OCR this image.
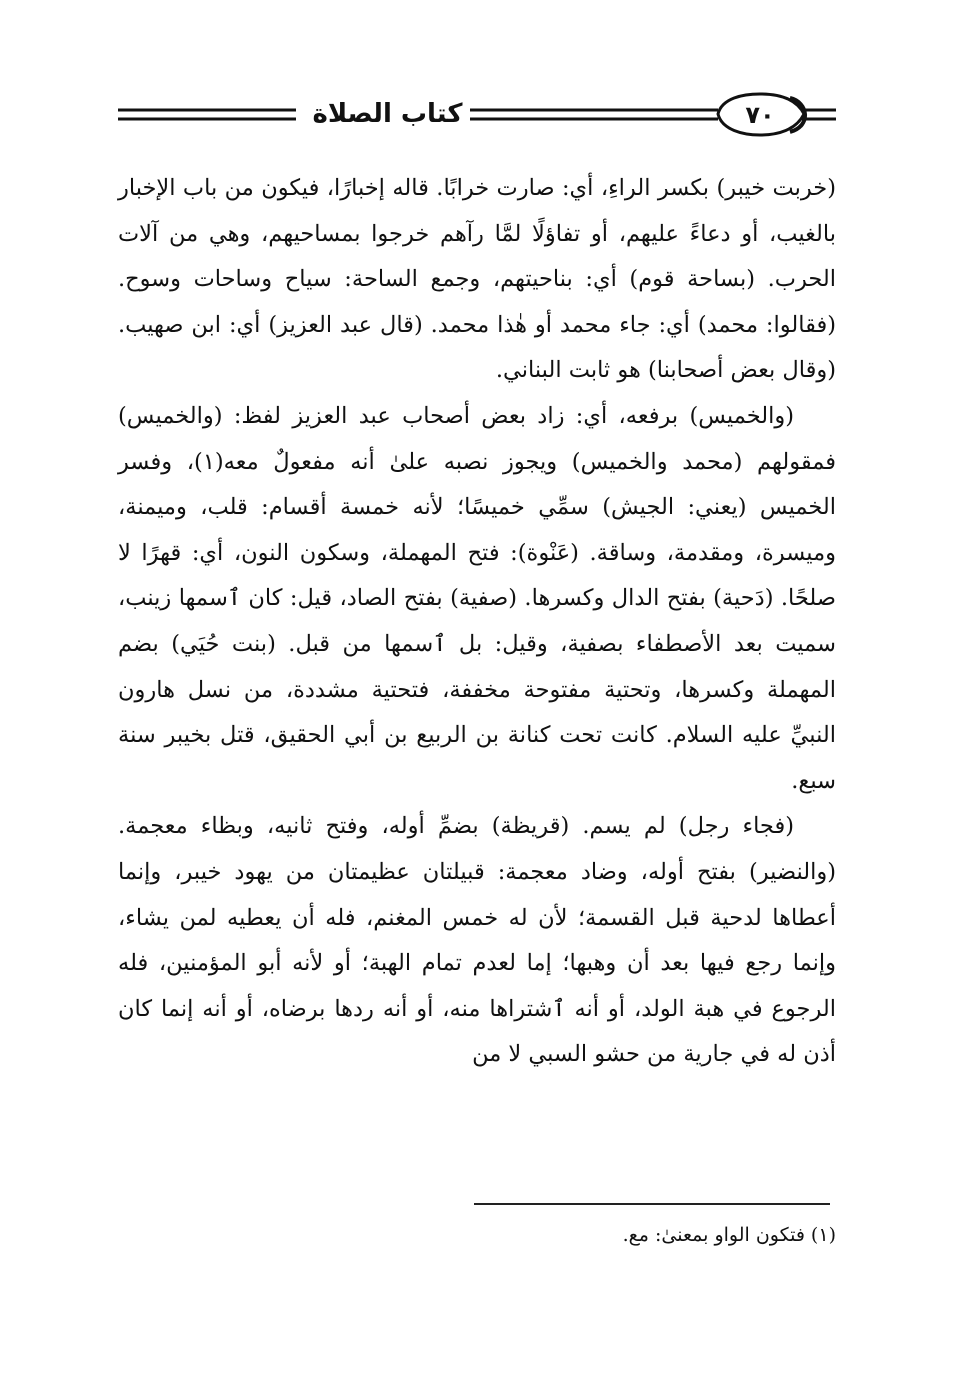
كتاب الصلاة	٧٠

(خربت خيبر) بكسر الراءِ، أي: صارت خرابًا. قاله إخبارًا، فيكون من باب الإخبار بالغيب، أو دعاءً عليهم، أو تفاؤلًا لمَّا رآهم خرجوا بمساحيهم، وهي من آلات الحرب. (بساحة قوم) أي: بناحيتهم، وجمع الساحة: سياح وساحات وسوح. (فقالوا: محمد) أي: جاء محمد أو هٰذا محمد. (قال عبد العزيز) أي: ابن صهيب. (وقال بعض أصحابنا) هو ثابت البناني.

(والخميس) برفعه، أي: زاد بعض أصحاب عبد العزيز لفظ: (والخميس) فمقولهم (محمد والخميس) ويجوز نصبه علىٰ أنه مفعولٌ معه(١)، وفسر الخميس (يعني: الجيش) سمِّي خميسًا؛ لأنه خمسة أقسام: قلب، وميمنة، وميسرة، ومقدمة، وساقة. (عَنْوة): فتح المهملة، وسكون النون، أي: قهرًا لا صلحًا. (دَحية) بفتح الدال وكسرها. (صفية) بفتح الصاد، قيل: كان ٱسمها زينب، سميت بعد الأصطفاء بصفية، وقيل: بل ٱسمها من قبل. (بنت حُيَي) بضم المهملة وكسرها، وتحتية مفتوحة مخففة، فتحتية مشددة، من نسل هارون النبيِّ عليه السلام. كانت تحت كنانة بن الربيع بن أبي الحقيق، قتل بخيبر سنة سبع.

(فجاء رجل) لم يسم. (قريظة) بضمِّ أوله، وفتح ثانيه، وبظاء معجمة. (والنضير) بفتح أوله، وضاد معجمة: قبيلتان عظيمتان من يهود خيبر، وإنما أعطاها لدحية قبل القسمة؛ لأن له خمس المغنم، فله أن يعطيه لمن يشاء، وإنما رجع فيها بعد أن وهبها؛ إما لعدم تمام الهبة؛ أو لأنه أبو المؤمنين، فله الرجوع في هبة الولد، أو أنه ٱشتراها منه، أو أنه ردها برضاه، أو أنه إنما كان أذن له في جارية من حشو السبي لا من

(١) فتكون الواو بمعنىٰ: مع.
